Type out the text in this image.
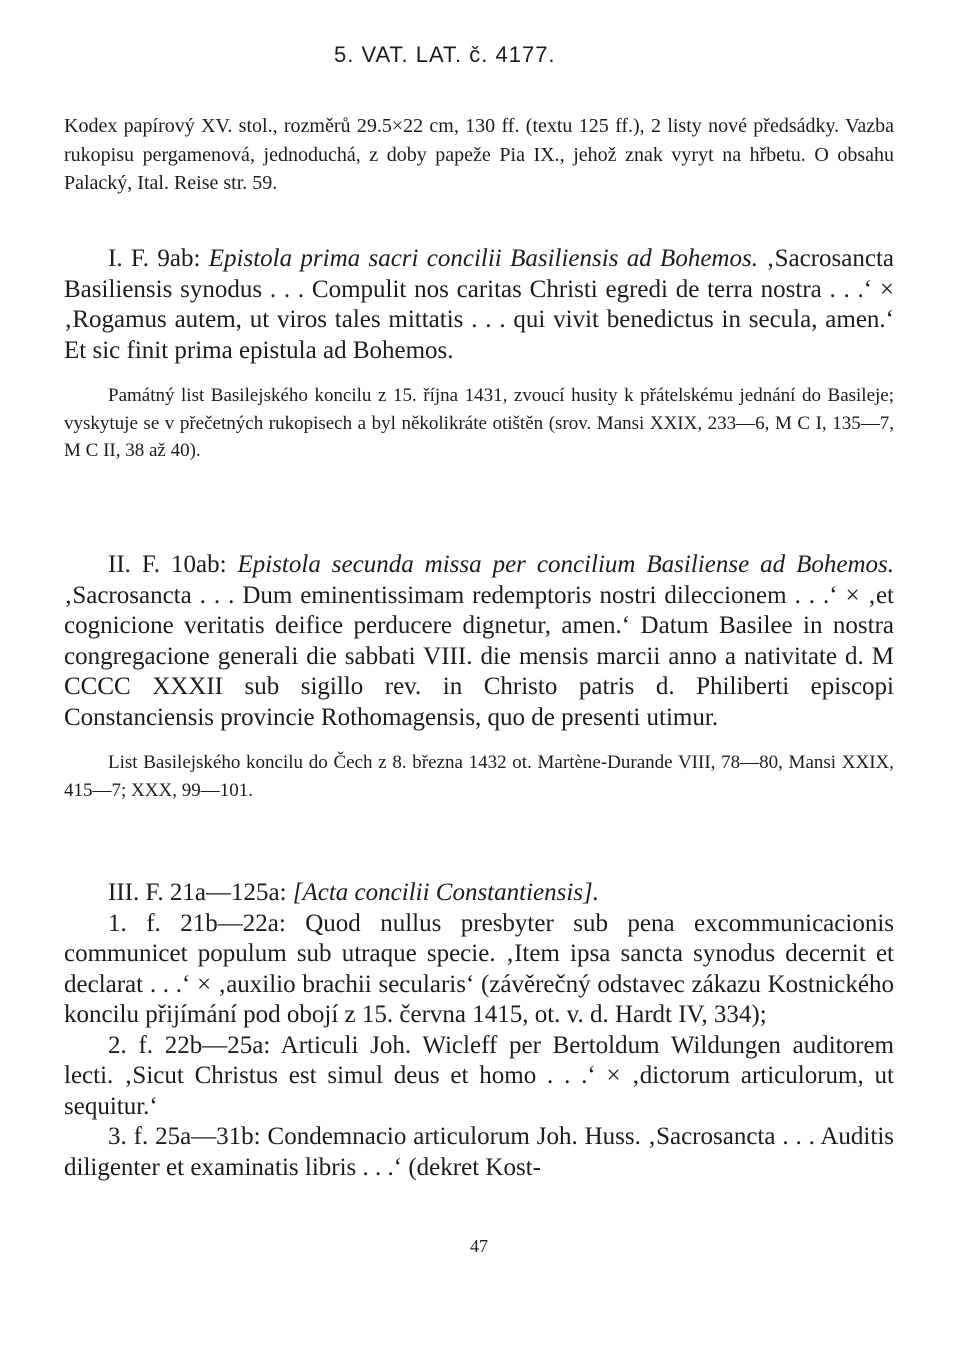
5. VAT. LAT. č. 4177.
Kodex papírový XV. stol., rozměrů 29.5×22 cm, 130 ff. (textu 125 ff.), 2 listy nové předsádky. Vazba rukopisu pergamenová, jednoduchá, z doby papeže Pia IX., jehož znak vyryt na hřbetu. O obsahu Palacký, Ital. Reise str. 59.
I. F. 9ab: Epistola prima sacri concilii Basiliensis ad Bohemos. ‚Sacrosancta Basiliensis synodus . . . Compulit nos caritas Christi egredi de terra nostra . . .‘ × ‚Rogamus autem, ut viros tales mittatis . . . qui vivit benedictus in secula, amen.‘ Et sic finit prima epistula ad Bohemos.
Památný list Basilejského koncilu z 15. října 1431, zvoucí husity k přátelskému jednání do Basileje; vyskytuje se v přečetných rukopisech a byl několikráte otištěn (srov. Mansi XXIX, 233—6, M C I, 135—7, M C II, 38 až 40).
II. F. 10ab: Epistola secunda missa per concilium Basiliense ad Bohemos. ‚Sacrosancta . . . Dum eminentissimam redemptoris nostri dileccionem . . .‘ × ‚et cognicione veritatis deifice perducere dignetur, amen.‘ Datum Basilee in nostra congregacione generali die sabbati VIII. die mensis marcii anno a nativitate d. M CCCC XXXII sub sigillo rev. in Christo patris d. Philiberti episcopi Constanciensis provincie Rothomagensis, quo de presenti utimur.
List Basilejského koncilu do Čech z 8. března 1432 ot. Martène-Durande VIII, 78—80, Mansi XXIX, 415—7; XXX, 99—101.
III. F. 21a—125a: [Acta concilii Constantiensis].
1. f. 21b—22a: Quod nullus presbyter sub pena excommunicacionis communicet populum sub utraque specie. ‚Item ipsa sancta synodus decernit et declarat . . .‘ × ‚auxilio brachii secularis‘ (závěrečný odstavec zákazu Kostnického koncilu přijímání pod obojí z 15. června 1415, ot. v. d. Hardt IV, 334);
2. f. 22b—25a: Articuli Joh. Wicleff per Bertoldum Wildungen auditorem lecti. ‚Sicut Christus est simul deus et homo . . .‘ × ‚dictorum articulorum, ut sequitur.‘
3. f. 25a—31b: Condemnacio articulorum Joh. Huss. ‚Sacrosancta . . . Auditis diligenter et examinatis libris . . .‘ (dekret Kost-
47
